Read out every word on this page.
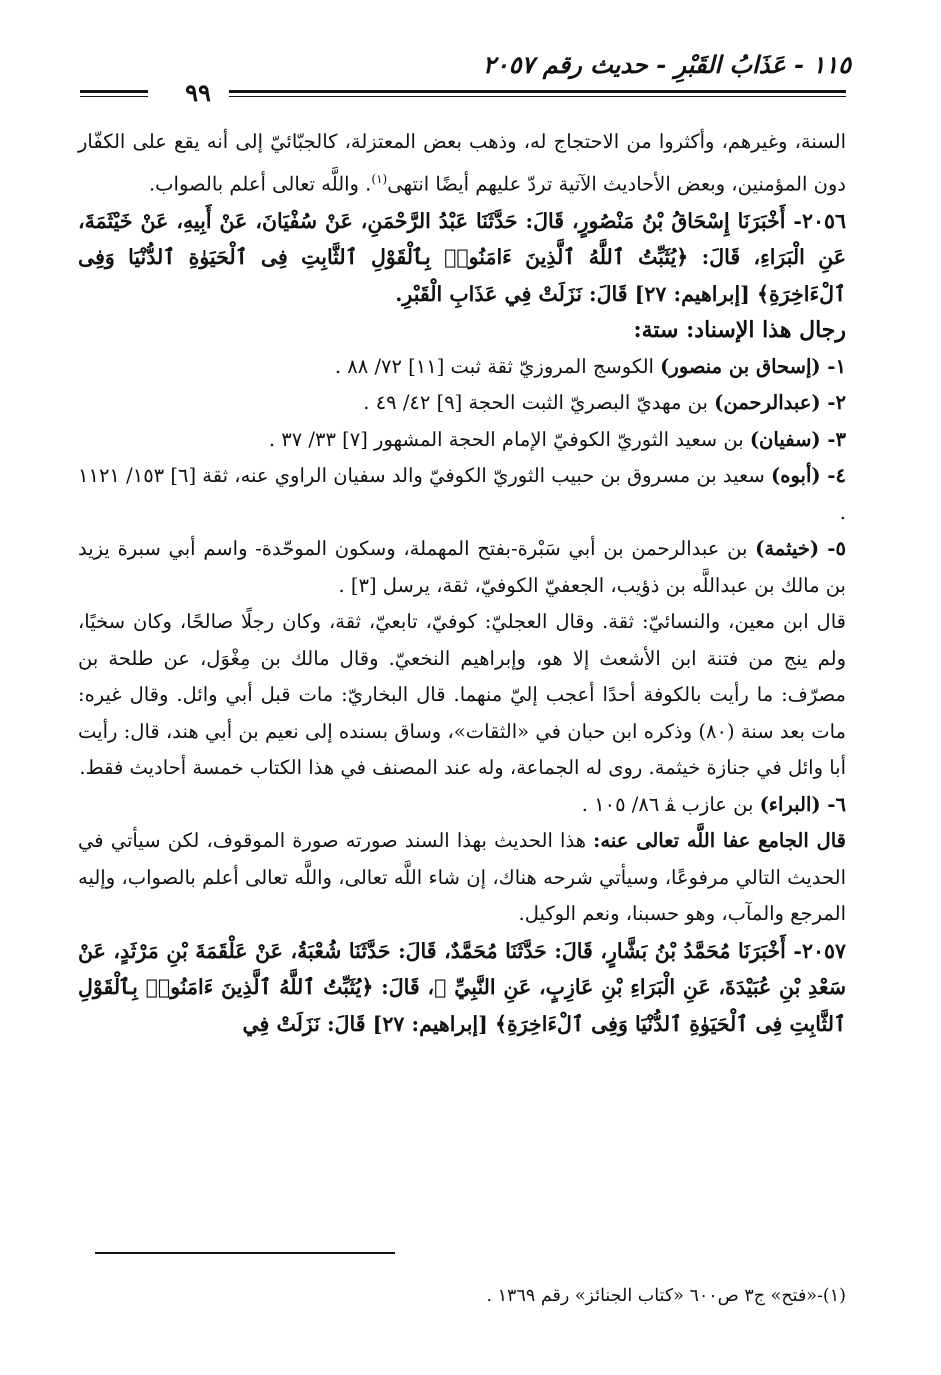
٩٩
١١٥ - عَذَابُ القَبْرِ - حديث رقم ٢٠٥٧

السنة، وغيرهم، وأكثروا من الاحتجاج له، وذهب بعض المعتزلة، كالجبّائيّ إلى أنه يقع على الكفّار دون المؤمنين، وبعض الأحاديث الآتية تردّ عليهم أيضًا انتهى$^{(١)}$. واللَّه تعالى أعلم بالصواب.

٢٠٥٦- أَخْبَرَنَا إِسْحَاقُ بْنُ مَنْصُورٍ، قَالَ: حَدَّثَنَا عَبْدُ الرَّحْمَنِ، عَنْ سُفْيَانَ، عَنْ أَبِيهِ، عَنْ خَيْثَمَةَ، عَنِ الْبَرَاءِ، قَالَ: ﴿يُثَبِّتُ ٱللَّهُ ٱلَّذِينَ ءَامَنُوا۟ بِٱلْقَوْلِ ٱلثَّابِتِ فِى ٱلْحَيَوٰةِ ٱلدُّنْيَا وَفِى ٱلْءَاخِرَةِ﴾ [إبراهيم: ٢٧] قَالَ: نَزَلَتْ فِي عَذَابِ الْقَبْرِ.

رجال هذا الإسناد: ستة:

١- (إسحاق بن منصور) الكوسج المروزيّ ثقة ثبت [١١] ٧٢/ ٨٨ .

٢- (عبدالرحمن) بن مهديّ البصريّ الثبت الحجة [٩] ٤٢/ ٤٩ .

٣- (سفيان) بن سعيد الثوريّ الكوفيّ الإمام الحجة المشهور [٧] ٣٣/ ٣٧ .

٤- (أبوه) سعيد بن مسروق بن حبيب الثوريّ الكوفيّ والد سفيان الراوي عنه، ثقة [٦] ١٥٣/ ١١٢١ .

٥- (خيثمة) بن عبدالرحمن بن أبي سَبْرة-بفتح المهملة، وسكون الموحّدة- واسم أبي سبرة يزيد بن مالك بن عبداللَّه بن ذؤيب، الجعفيّ الكوفيّ، ثقة، يرسل [٣] .

قال ابن معين، والنسائيّ: ثقة. وقال العجليّ: كوفيّ، تابعيّ، ثقة، وكان رجلًا صالحًا، وكان سخيًا، ولم ينج من فتنة ابن الأشعث إلا هو، وإبراهيم النخعيّ. وقال مالك بن مِغْوَل، عن طلحة بن مصرّف: ما رأيت بالكوفة أحدًا أعجب إليّ منهما. قال البخاريّ: مات قبل أبي وائل. وقال غيره: مات بعد سنة (٨٠) وذكره ابن حبان في «الثقات»، وساق بسنده إلى نعيم بن أبي هند، قال: رأيت أبا وائل في جنازة خيثمة. روى له الجماعة، وله عند المصنف في هذا الكتاب خمسة أحاديث فقط.

٦- (البراء) بن عازب ﭭ ٨٦/ ١٠٥ .

قال الجامع عفا اللَّه تعالى عنه: هذا الحديث بهذا السند صورته صورة الموقوف، لكن سيأتي في الحديث التالي مرفوعًا، وسيأتي شرحه هناك، إن شاء اللَّه تعالى، واللَّه تعالى أعلم بالصواب، وإليه المرجع والمآب، وهو حسبنا، ونعم الوكيل.

٢٠٥٧- أَخْبَرَنَا مُحَمَّدُ بْنُ بَشَّارٍ، قَالَ: حَدَّثَنَا مُحَمَّدٌ، قَالَ: حَدَّثَنَا شُعْبَةُ، عَنْ عَلْقَمَةَ بْنِ مَرْثَدٍ، عَنْ سَعْدِ بْنِ عُبَيْدَةَ، عَنِ الْبَرَاءِ بْنِ عَازِبٍ، عَنِ النَّبِيِّ ﷺ، قَالَ: ﴿يُثَبِّتُ ٱللَّهُ ٱلَّذِينَ ءَامَنُوا۟ بِٱلْقَوْلِ ٱلثَّابِتِ فِى ٱلْحَيَوٰةِ ٱلدُّنْيَا وَفِى ٱلْءَاخِرَةِ﴾ [إبراهيم: ٢٧] قَالَ: نَزَلَتْ فِي

(١)-«فتح» ج٣ ص٦٠٠ «كتاب الجنائز» رقم ١٣٦٩ .
